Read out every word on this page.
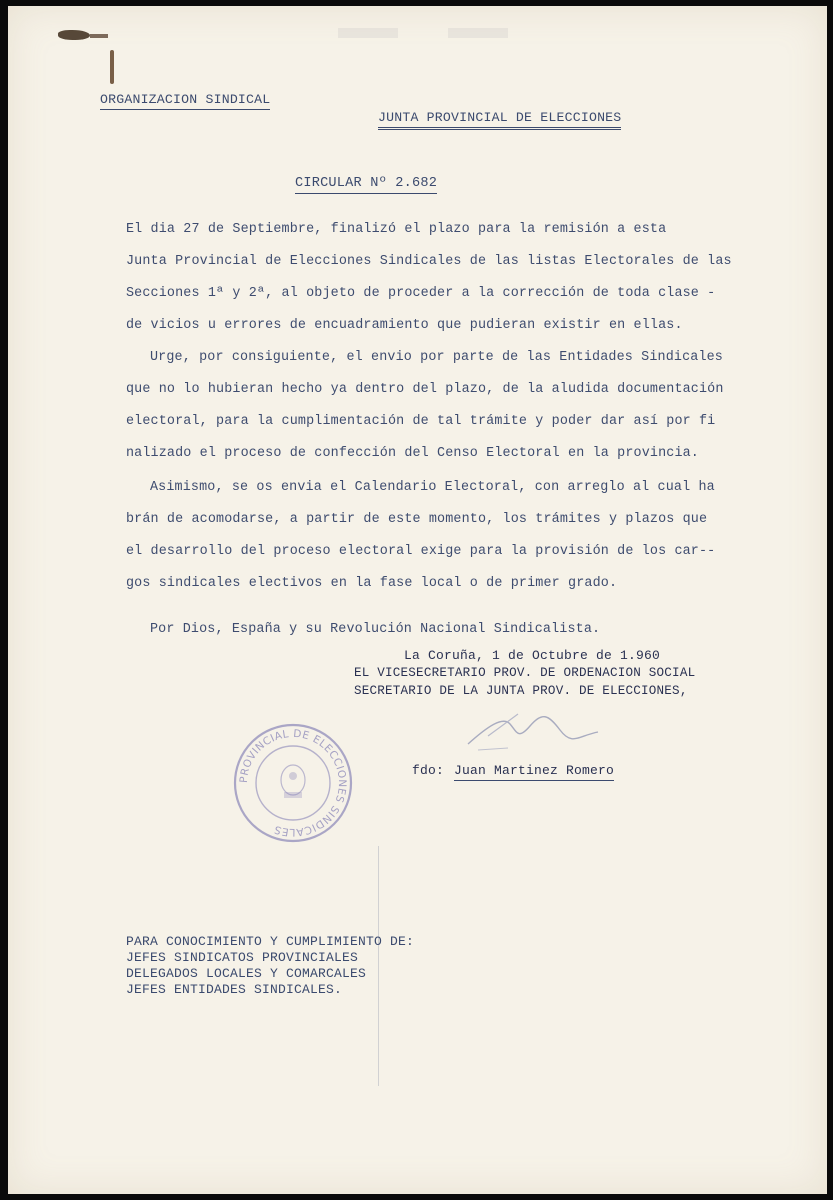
ORGANIZACION SINDICAL
JUNTA PROVINCIAL DE ELECCIONES
CIRCULAR Nº 2.682
El dia 27 de Septiembre, finalizó el plazo para la remisión a esta
Junta Provincial de Elecciones Sindicales de las listas Electorales de las
Secciones 1ª y 2ª, al objeto de proceder a la corrección de toda clase -
de vicios u errores de encuadramiento que pudieran existir en ellas.
Urge, por consiguiente, el envio por parte de las Entidades Sindicales
que no lo hubieran hecho ya dentro del plazo, de la aludida documentación
electoral, para la cumplimentación de tal trámite y poder dar así por fi
nalizado el proceso de confección del Censo Electoral en la provincia.
Asimismo, se os envia el Calendario Electoral, con arreglo al cual ha
brán de acomodarse, a partir de este momento, los trámites y plazos que
el desarrollo del proceso electoral exige para la provisión de los car--
gos sindicales electivos en la fase local o de primer grado.
Por Dios, España y su Revolución Nacional Sindicalista.
La Coruña, 1 de Octubre de 1.960
EL VICESECRETARIO PROV. DE ORDENACION SOCIAL
SECRETARIO DE LA JUNTA PROV. DE ELECCIONES,
fdo: Juan Martinez Romero
PROVINCIAL DE ELECCIONES SINDICALES
PARA CONOCIMIENTO Y CUMPLIMIENTO DE:
JEFES SINDICATOS PROVINCIALES
DELEGADOS LOCALES Y COMARCALES
JEFES ENTIDADES SINDICALES.
